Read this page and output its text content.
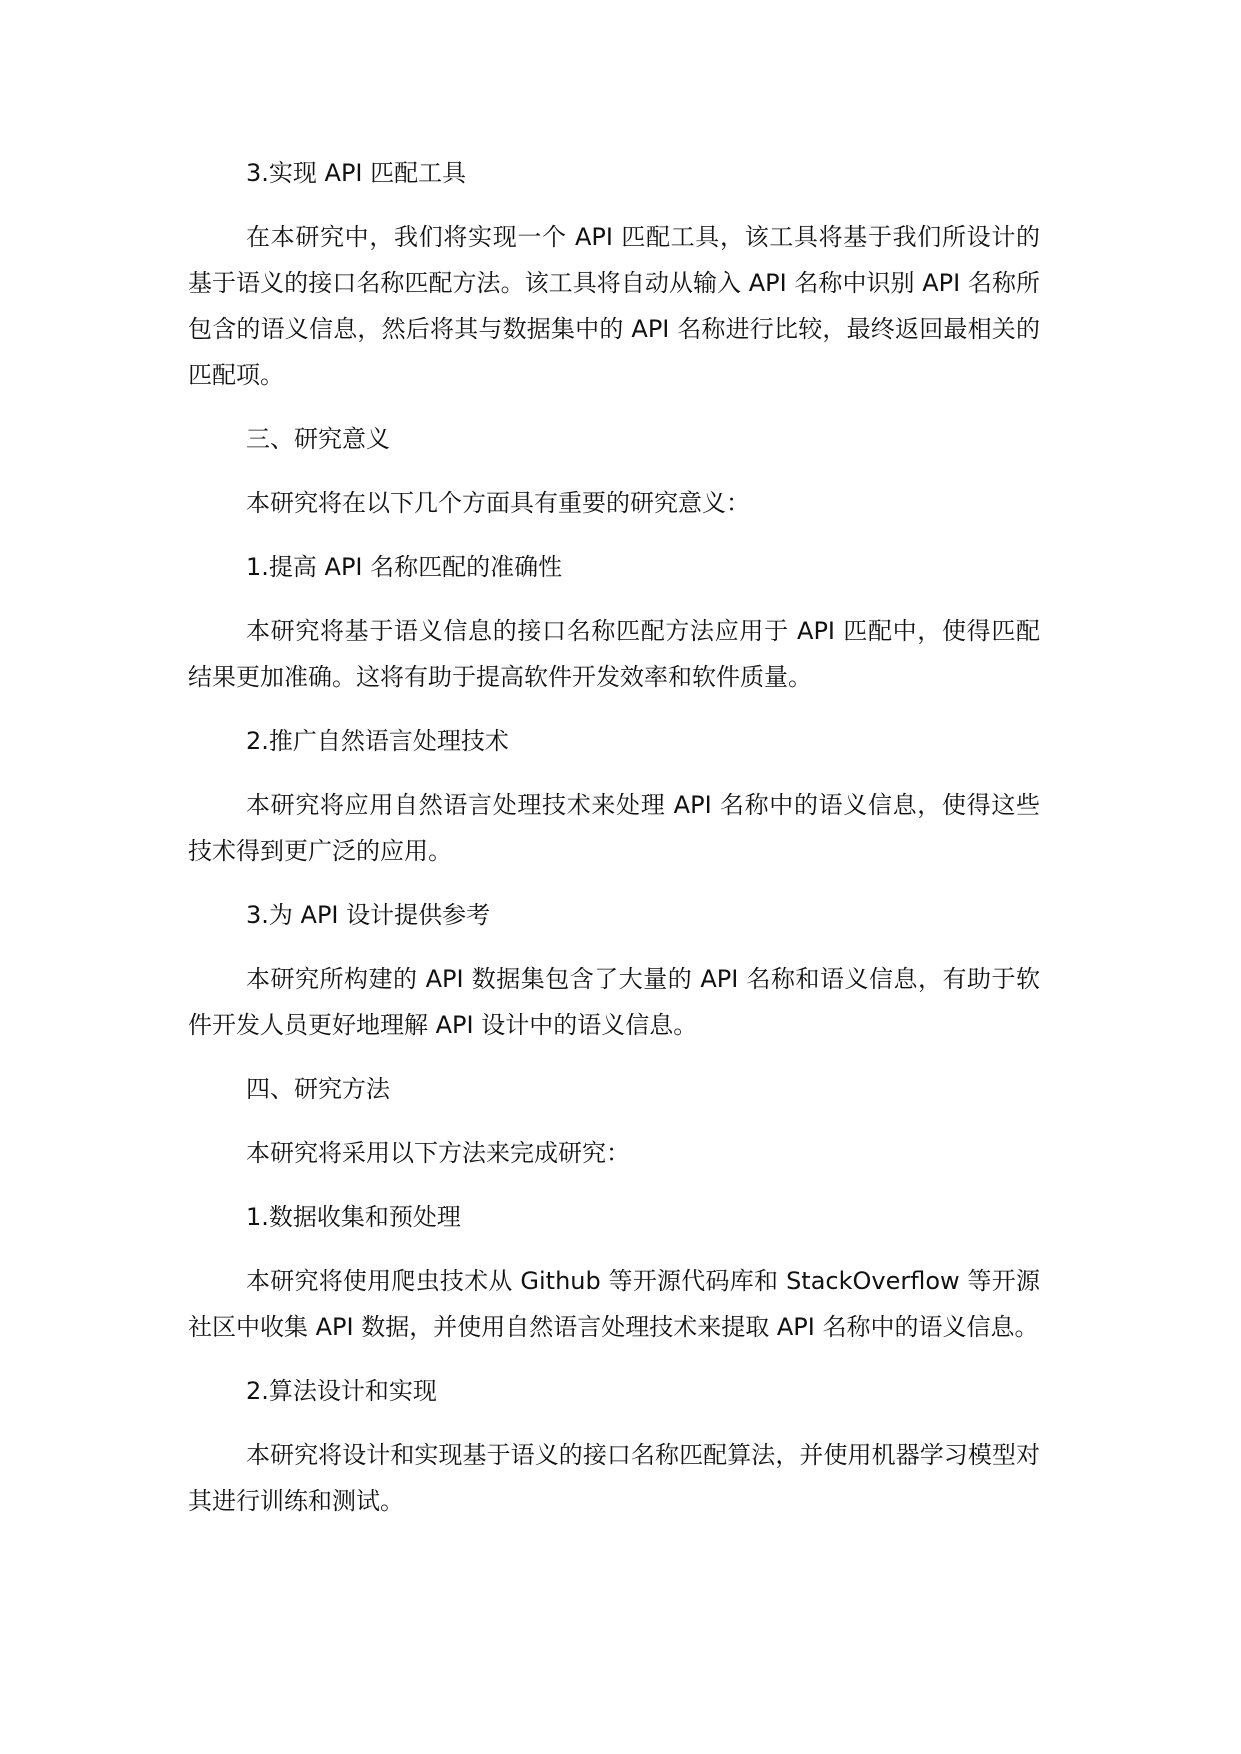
3.实现 API 匹配工具

在本研究中，我们将实现一个 API 匹配工具，该工具将基于我们所设计的基于语义的接口名称匹配方法。该工具将自动从输入 API 名称中识别 API 名称所包含的语义信息，然后将其与数据集中的 API 名称进行比较，最终返回最相关的匹配项。

三、研究意义

本研究将在以下几个方面具有重要的研究意义：

1.提高 API 名称匹配的准确性

本研究将基于语义信息的接口名称匹配方法应用于 API 匹配中，使得匹配结果更加准确。这将有助于提高软件开发效率和软件质量。

2.推广自然语言处理技术

本研究将应用自然语言处理技术来处理 API 名称中的语义信息，使得这些技术得到更广泛的应用。

3.为 API 设计提供参考

本研究所构建的 API 数据集包含了大量的 API 名称和语义信息，有助于软件开发人员更好地理解 API 设计中的语义信息。

四、研究方法

本研究将采用以下方法来完成研究：

1.数据收集和预处理

本研究将使用爬虫技术从 Github 等开源代码库和 StackOverflow 等开源社区中收集 API 数据，并使用自然语言处理技术来提取 API 名称中的语义信息。

2.算法设计和实现

本研究将设计和实现基于语义的接口名称匹配算法，并使用机器学习模型对其进行训练和测试。
